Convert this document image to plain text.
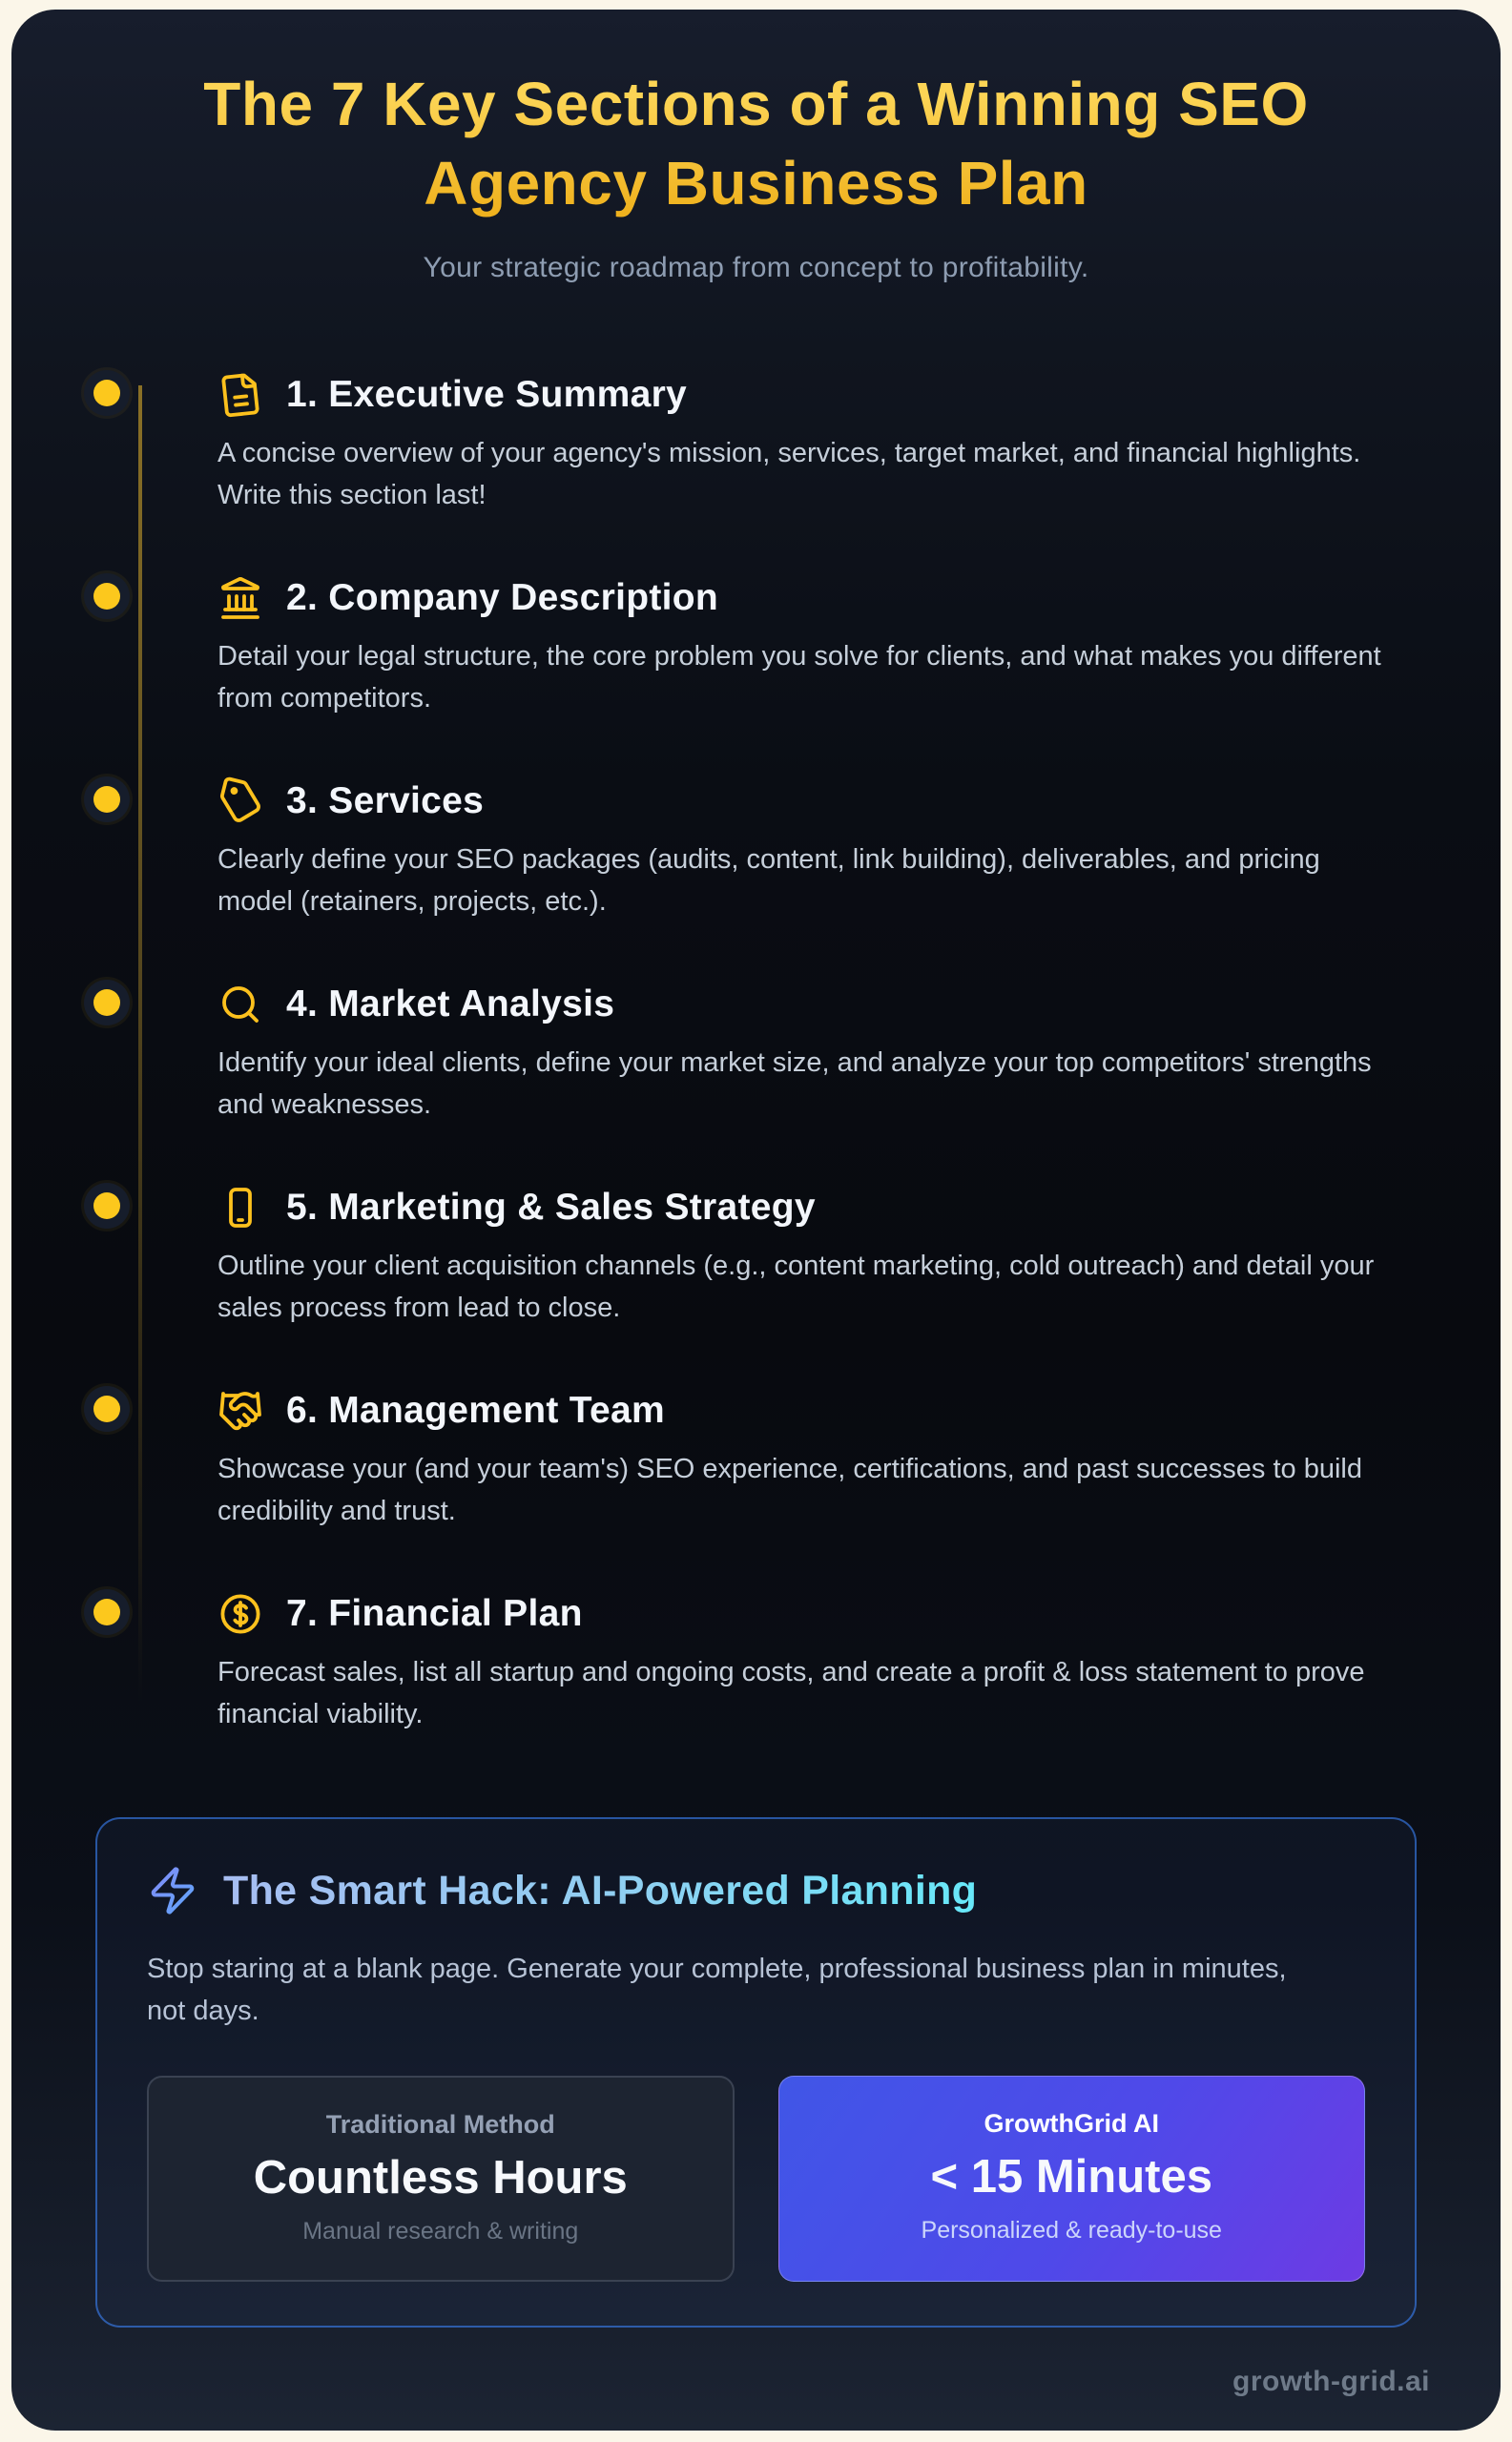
The 7 Key Sections of a Winning SEO Agency Business Plan
Your strategic roadmap from concept to profitability.
1. Executive Summary

A concise overview of your agency's mission, services, target market, and financial highlights. Write this section last!

2. Company Description

Detail your legal structure, the core problem you solve for clients, and what makes you different from competitors.

3. Services

Clearly define your SEO packages (audits, content, link building), deliverables, and pricing model (retainers, projects, etc.).

4. Market Analysis

Identify your ideal clients, define your market size, and analyze your top competitors' strengths and weaknesses.

5. Marketing & Sales Strategy

Outline your client acquisition channels (e.g., content marketing, cold outreach) and detail your sales process from lead to close.

6. Management Team

Showcase your (and your team's) SEO experience, certifications, and past successes to build credibility and trust.

7. Financial Plan

Forecast sales, list all startup and ongoing costs, and create a profit & loss statement to prove financial viability.

The Smart Hack: AI-Powered Planning

Stop staring at a blank page. Generate your complete, professional business plan in minutes, not days.

Traditional Method
Countless Hours
Manual research & writing
GrowthGrid AI
< 15 Minutes
Personalized & ready-to-use
growth-grid.ai
